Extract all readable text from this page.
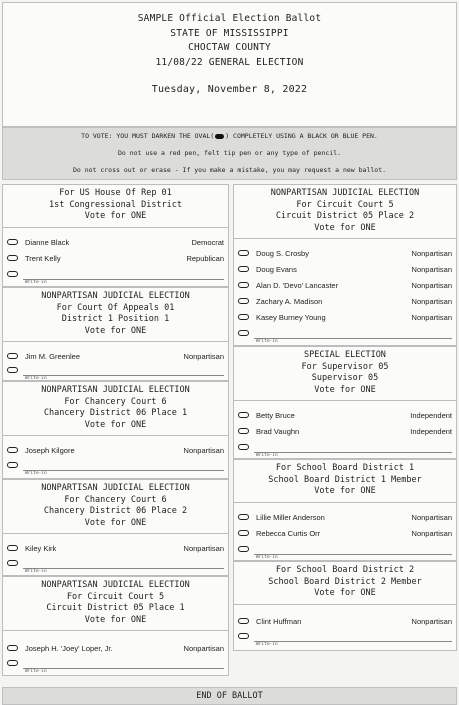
SAMPLE Official Election Ballot
STATE OF MISSISSIPPI
CHOCTAW COUNTY
11/08/22 GENERAL ELECTION
Tuesday, November 8, 2022
TO VOTE: YOU MUST DARKEN THE OVAL( ) COMPLETELY USING A BLACK OR BLUE PEN.
Do not use a red pen, felt tip pen or any type of pencil.
Do not cross out or erase - If you make a mistake, you may request a new ballot.
For US House Of Rep 01
1st Congressional District
Vote for ONE
Dianne Black	Democrat
Trent Kelly	Republican
Write-in
NONPARTISAN JUDICIAL ELECTION
For Court Of Appeals 01
District 1 Position 1
Vote for ONE
Jim M. Greenlee	Nonpartisan
Write-in
NONPARTISAN JUDICIAL ELECTION
For Chancery Court 6
Chancery District 06 Place 1
Vote for ONE
Joseph Kilgore	Nonpartisan
Write-in
NONPARTISAN JUDICIAL ELECTION
For Chancery Court 6
Chancery District 06 Place 2
Vote for ONE
Kiley Kirk	Nonpartisan
Write-in
NONPARTISAN JUDICIAL ELECTION
For Circuit Court 5
Circuit District 05 Place 1
Vote for ONE
Joseph H. 'Joey' Loper, Jr.	Nonpartisan
Write-in
NONPARTISAN JUDICIAL ELECTION
For Circuit Court 5
Circuit District 05 Place 2
Vote for ONE
Doug S. Crosby	Nonpartisan
Doug Evans	Nonpartisan
Alan D. 'Devo' Lancaster	Nonpartisan
Zachary A. Madison	Nonpartisan
Kasey Burney Young	Nonpartisan
Write-in
SPECIAL ELECTION
For Supervisor 05
Supervisor 05
Vote for ONE
Betty Bruce	Independent
Brad Vaughn	Independent
Write-in
For School Board District 1
School Board District 1 Member
Vote for ONE
Lillie Miller Anderson	Nonpartisan
Rebecca Curtis Orr	Nonpartisan
Write-in
For School Board District 2
School Board District 2 Member
Vote for ONE
Clint Huffman	Nonpartisan
Write-in
END OF BALLOT
